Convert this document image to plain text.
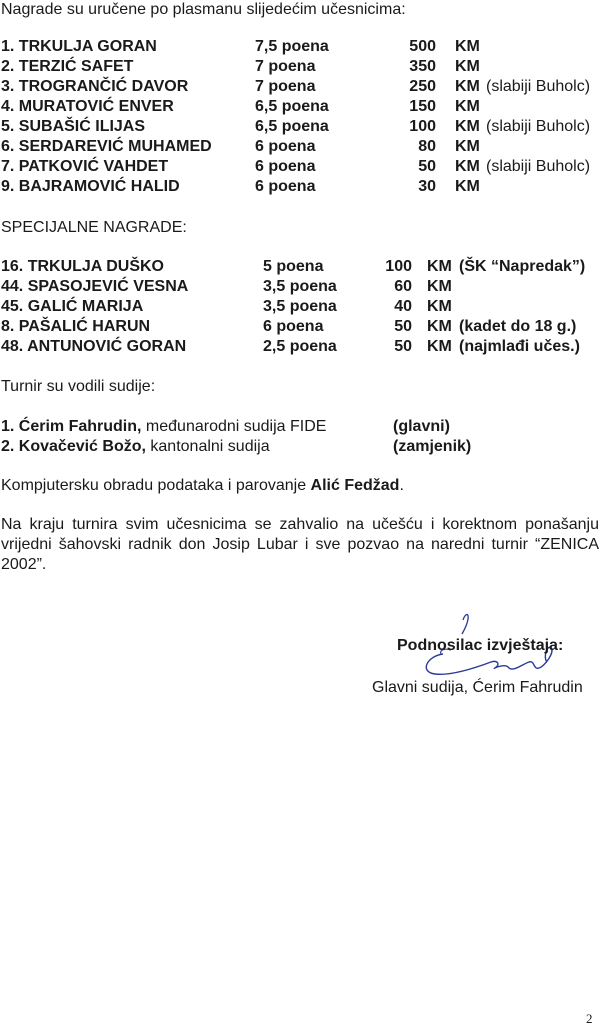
Nagrade su uručene po plasmanu slijedećim učesnicima:
1. TRKULJA GORAN	7,5 poena	500 KM
2. TERZIĆ SAFET	7 poena	350 KM
3. TROGRANČIĆ DAVOR	7 poena	250 KM (slabiji Buholc)
4. MURATOVIĆ ENVER	6,5 poena	150 KM
5. SUBAŠIĆ ILIJAS	6,5 poena	100 KM (slabiji Buholc)
6. SERDAREVIĆ MUHAMED	6 poena	80 KM
7. PATKOVIĆ VAHDET	6 poena	50 KM (slabiji Buholc)
9. BAJRAMOVIĆ HALID	6 poena	30 KM
SPECIJALNE NAGRADE:
16. TRKULJA DUŠKO	5 poena	100 KM (ŠK “Napredak”)
44. SPASOJEVIĆ VESNA	3,5 poena	60 KM
45. GALIĆ MARIJA	3,5 poena	40 KM
8. PAŠALIĆ HARUN	6 poena	50 KM (kadet do 18 g.)
48. ANTUNOVIĆ GORAN	2,5 poena	50 KM (najmlađi učes.)
Turnir su vodili sudije:
1. Ćerim Fahrudin, međunarodni sudija FIDE	(glavni)
2. Kovačević Božo, kantonalni sudija	(zamjenik)
Kompjutersku obradu podataka i parovanje Alić Fedžad.
Na kraju turnira svim učesnicima se zahvalio na učešću i korektnom ponašanju vrijedni šahovski radnik don Josip Lubar i sve pozvao na naredni turnir “ZENICA 2002”.
Podnosilac izvještaja:
Glavni sudija, Ćerim Fahrudin
2
